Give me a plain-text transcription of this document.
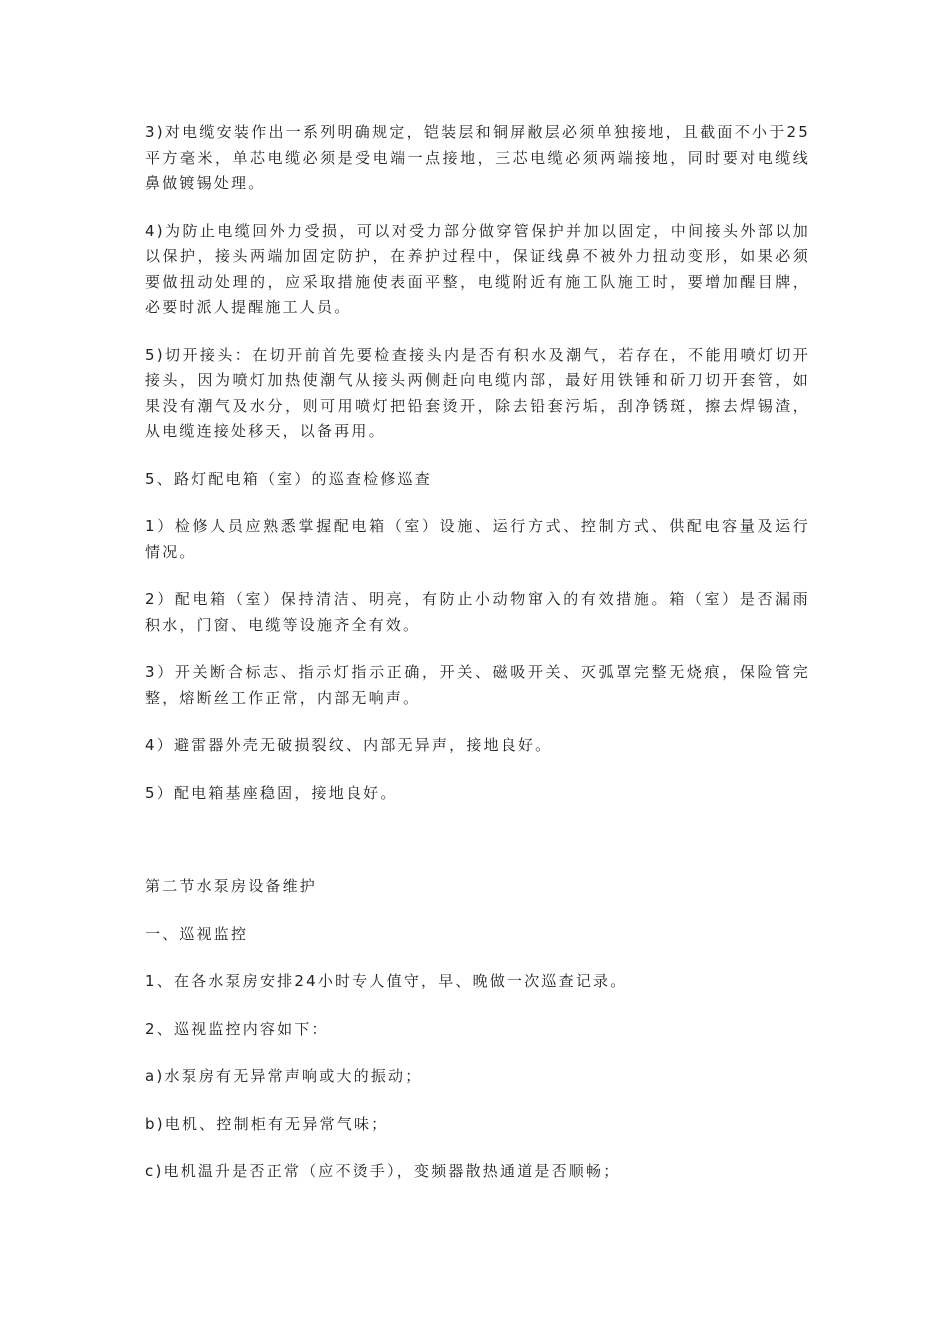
3)对电缆安装作出一系列明确规定，铠装层和铜屏敝层必须单独接地，且截面不小于25平方毫米，单芯电缆必须是受电端一点接地，三芯电缆必须两端接地，同时要对电缆线鼻做镀锡处理。

4)为防止电缆回外力受损，可以对受力部分做穿管保护并加以固定，中间接头外部以加以保护，接头两端加固定防护，在养护过程中，保证线鼻不被外力扭动变形，如果必须要做扭动处理的，应采取措施使表面平整，电缆附近有施工队施工时，要增加醒目牌，必要时派人提醒施工人员。

5)切开接头：在切开前首先要检查接头内是否有积水及潮气，若存在，不能用喷灯切开接头，因为喷灯加热使潮气从接头两侧赶向电缆内部，最好用铁锤和斫刀切开套管，如果没有潮气及水分，则可用喷灯把铅套烫开，除去铅套污垢，刮净锈斑，擦去焊锡渣，从电缆连接处移天，以备再用。

5、路灯配电箱（室）的巡查检修巡查

1）检修人员应熟悉掌握配电箱（室）设施、运行方式、控制方式、供配电容量及运行情况。

2）配电箱（室）保持清洁、明亮，有防止小动物窜入的有效措施。箱（室）是否漏雨积水，门窗、电缆等设施齐全有效。

3）开关断合标志、指示灯指示正确，开关、磁吸开关、灭弧罩完整无烧痕，保险管完整，熔断丝工作正常，内部无响声。

4）避雷器外壳无破损裂纹、内部无异声，接地良好。

5）配电箱基座稳固，接地良好。

第二节水泵房设备维护

一、巡视监控

1、在各水泵房安排24小时专人值守，早、晚做一次巡查记录。

2、巡视监控内容如下：

a)水泵房有无异常声响或大的振动；

b)电机、控制柜有无异常气味；

c)电机温升是否正常（应不烫手），变频器散热通道是否顺畅；
